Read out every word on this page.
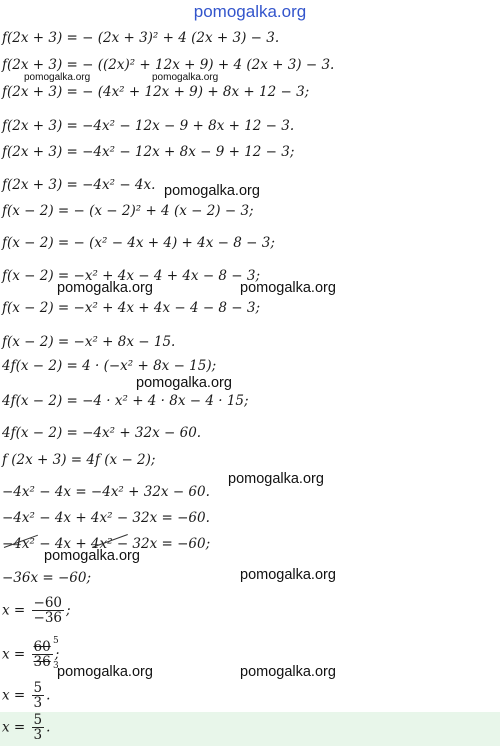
pomogalka.org
f(2x + 3) = − (2x + 3)² + 4 (2x + 3) − 3.
f(2x + 3) = − ((2x)² + 12x + 9) + 4 (2x + 3) − 3.
f(2x + 3) = − (4x² + 12x + 9) + 8x + 12 − 3;
f(2x + 3) = −4x² − 12x − 9 + 8x + 12 − 3.
f(2x + 3) = −4x² − 12x + 8x − 9 + 12 − 3;
f(2x + 3) = −4x² − 4x.
f(x − 2) = − (x − 2)² + 4 (x − 2) − 3;
f(x − 2) = − (x² − 4x + 4) + 4x − 8 − 3;
f(x − 2) = −x² + 4x − 4 + 4x − 8 − 3;
f(x − 2) = −x² + 4x + 4x − 4 − 8 − 3;
f(x − 2) = −x² + 8x − 15.
4f(x − 2) = 4 · (−x² + 8x − 15);
4f(x − 2) = −4 · x² + 4 · 8x − 4 · 15;
4f(x − 2) = −4x² + 32x − 60.
f (2x + 3) = 4f (x − 2);
−4x² − 4x = −4x² + 32x − 60.
−4x² − 4x + 4x² − 32x = −60.
−4x² − 4x + 4x² − 32x = −60;
−36x = −60;
$x = \frac{-60}{-36}$ ;
x = 60
36
5
3
;
$x = \frac{5}{3}$ .
$x = \frac{5}{3}$ .
pomogalka.org	pomogalka.org
pomogalka.org
pomogalka.org	pomogalka.org
pomogalka.org
pomogalka.org
pomogalka.org
pomogalka.org
pomogalka.org	pomogalka.org
